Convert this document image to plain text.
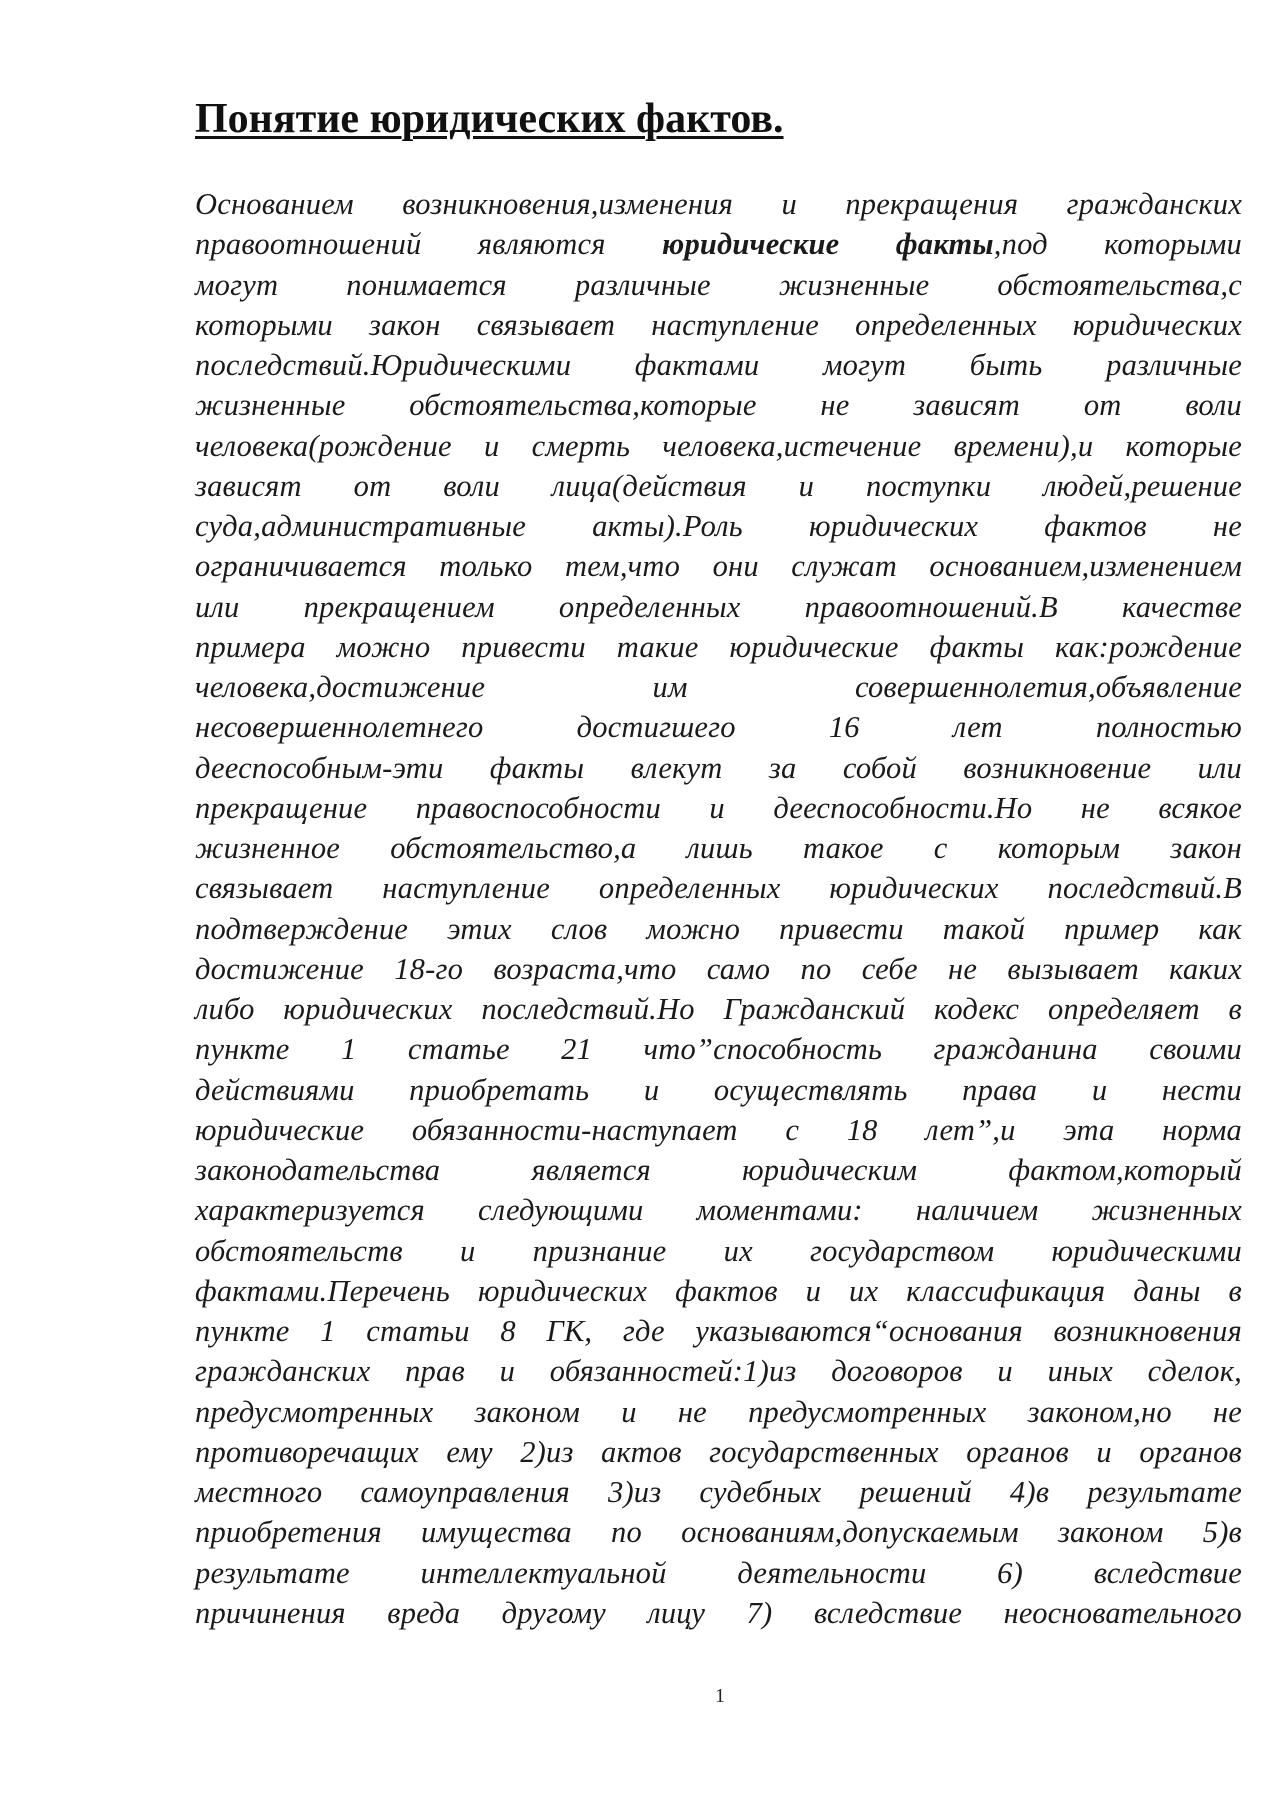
Понятие юридических фактов.
Основанием возникновения,изменения и прекращения гражданских
правоотношений являются юридические факты,под которыми
могут понимается различные жизненные обстоятельства,с
которыми закон связывает наступление определенных юридических
последствий.Юридическими фактами могут быть различные
жизненные обстоятельства,которые не зависят от воли
человека(рождение и смерть человека,истечение времени),и которые
зависят от воли лица(действия и поступки людей,решение
суда,административные акты).Роль юридических фактов не
ограничивается только тем,что они служат основанием,изменением
или прекращением определенных правоотношений.В качестве
примера можно привести такие юридические факты как:рождение
человека,достижение им совершеннолетия,объявление
несовершеннолетнего достигшего 16 лет полностью
дееспособным-эти факты влекут за собой возникновение или
прекращение правоспособности и дееспособности.Но не всякое
жизненное обстоятельство,а лишь такое с которым закон
связывает наступление определенных юридических последствий.В
подтверждение этих слов можно привести такой пример как
достижение 18-го возраста,что само по себе не вызывает каких
либо юридических последствий.Но Гражданский кодекс определяет в
пункте 1 статье 21 что”способность гражданина своими
действиями приобретать и осуществлять права и нести
юридические обязанности-наступает с 18 лет”,и эта норма
законодательства является юридическим фактом,который
характеризуется следующими моментами: наличием жизненных
обстоятельств и признание их государством юридическими
фактами.Перечень юридических фактов и их классификация даны в
пункте 1 статьи 8 ГК, где указываются“основания возникновения
гражданских прав и обязанностей:1)из договоров и иных сделок,
предусмотренных законом и не предусмотренных законом,но не
противоречащих ему 2)из актов государственных органов и органов
местного самоуправления 3)из судебных решений 4)в результате
приобретения имущества по основаниям,допускаемым законом 5)в
результате интеллектуальной деятельности 6) вследствие
причинения вреда другому лицу 7) вследствие неосновательного
1
